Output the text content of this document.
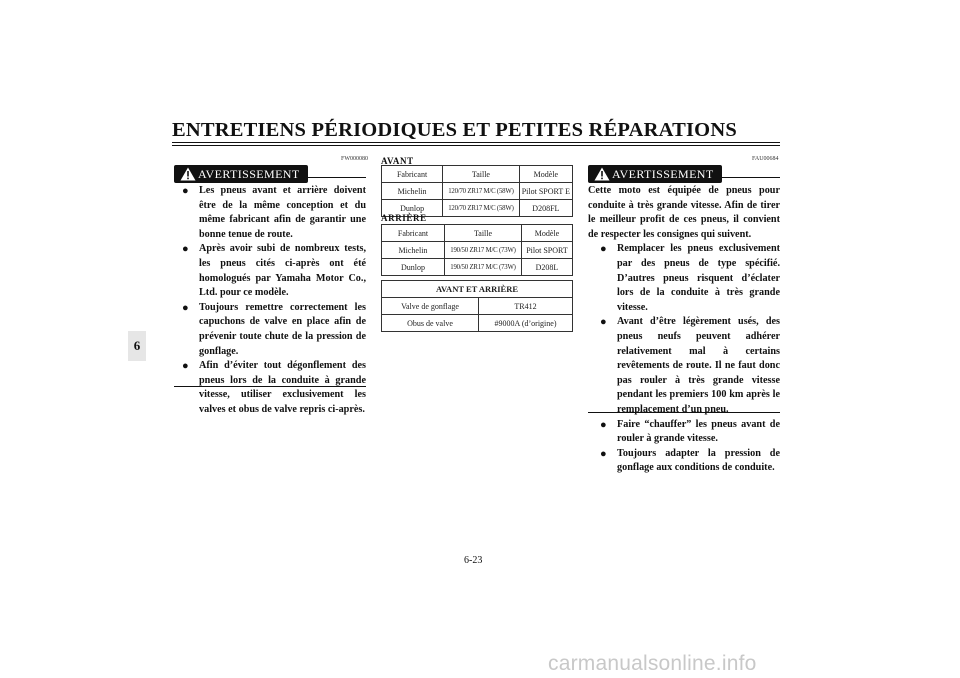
ENTRETIENS PÉRIODIQUES ET PETITES RÉPARATIONS
6
FW000080
AVERTISSEMENT
● Les pneus avant et arrière doivent être de la même conception et du même fabricant afin de garantir une bonne tenue de route.
● Après avoir subi de nombreux tests, les pneus cités ci-après ont été homologués par Yamaha Motor Co., Ltd. pour ce modèle.
● Toujours remettre correctement les capuchons de valve en place afin de prévenir toute chute de la pression de gonflage.
● Afin d’éviter tout dégonflement des pneus lors de la conduite à grande vitesse, utiliser exclusivement les valves et obus de valve repris ci-après.
AVANT
Fabricant	Taille	Modèle
Michelin	120/70 ZR17 M/C (58W)	Pilot SPORT E
Dunlop	120/70 ZR17 M/C (58W)	D208FL
ARRIÈRE
Fabricant	Taille	Modèle
Michelin	190/50 ZR17 M/C (73W)	Pilot SPORT
Dunlop	190/50 ZR17 M/C (73W)	D208L
AVANT ET ARRIÈRE	
Valve de gonflage	TR412
Obus de valve	#9000A (d’origine)
FAU00684
AVERTISSEMENT
Cette moto est équipée de pneus pour conduite à très grande vitesse. Afin de tirer le meilleur profit de ces pneus, il convient de respecter les consignes qui suivent.
● Remplacer les pneus exclusivement par des pneus de type spécifié. D’autres pneus risquent d’éclater lors de la conduite à très grande vitesse.
● Avant d’être légèrement usés, des pneus neufs peuvent adhérer relativement mal à certains revêtements de route. Il ne faut donc pas rouler à très grande vitesse pendant les premiers 100 km après le remplacement d’un pneu.
● Faire “chauffer” les pneus avant de rouler à grande vitesse.
● Toujours adapter la pression de gonflage aux conditions de conduite.
6-23
carmanualsonline.info
